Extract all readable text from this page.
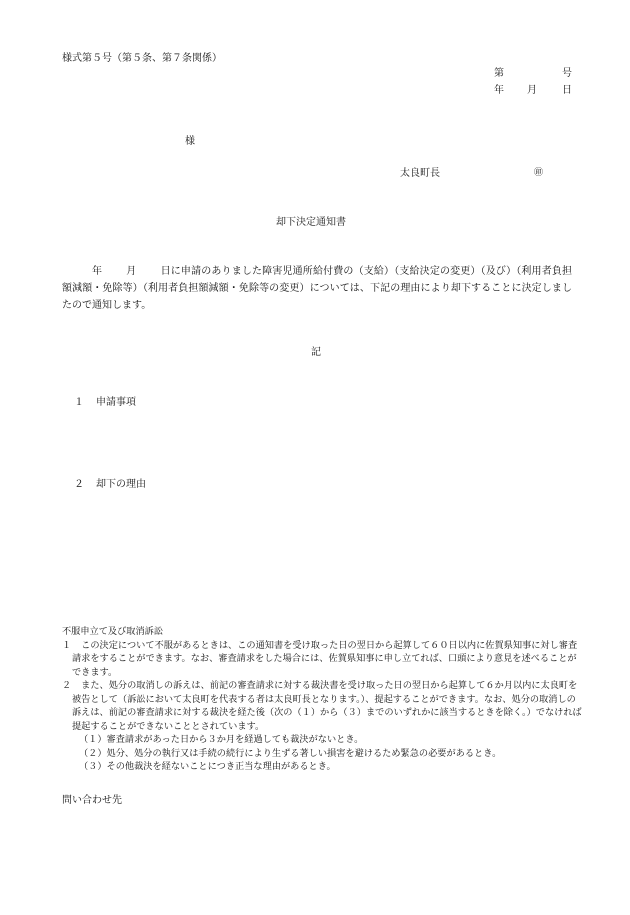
様式第５号（第５条、第７条関係）
第	号
年 月	日
様
太良町長	㊞
却下決定通知書
年 月 日に申請のありました障害児通所給付費の（支給）（支給決定の変更）（及び）（利用者負担額減額・免除等）（利用者負担額減額・免除等の変更）については、下記の理由により却下することに決定しましたので通知します。
記
１ 申請事項
２ 却下の理由
不服申立て及び取消訴訟
１ 　この決定について不服があるときは、この通知書を受け取った日の翌日から起算して６０日以内に佐賀県知事に対し審査請求をすることができます。なお、審査請求をした場合には、佐賀県知事に申し立てれば、口頭により意見を述べることができます。
２ 　また、処分の取消しの訴えは、前記の審査請求に対する裁決書を受け取った日の翌日から起算して６か月以内に太良町を被告として（訴訟において太良町を代表する者は太良町長となります。）、提起することができます。なお、処分の取消しの訴えは、前記の審査請求に対する裁決を経た後（次の（１）から（３）までのいずれかに該当するときを除く。）でなければ提起することができないこととされています。
（１）審査請求があった日から３か月を経過しても裁決がないとき。
（２）処分、処分の執行又は手続の続行により生ずる著しい損害を避けるため緊急の必要があるとき。
（３）その他裁決を経ないことにつき正当な理由があるとき。
問い合わせ先
